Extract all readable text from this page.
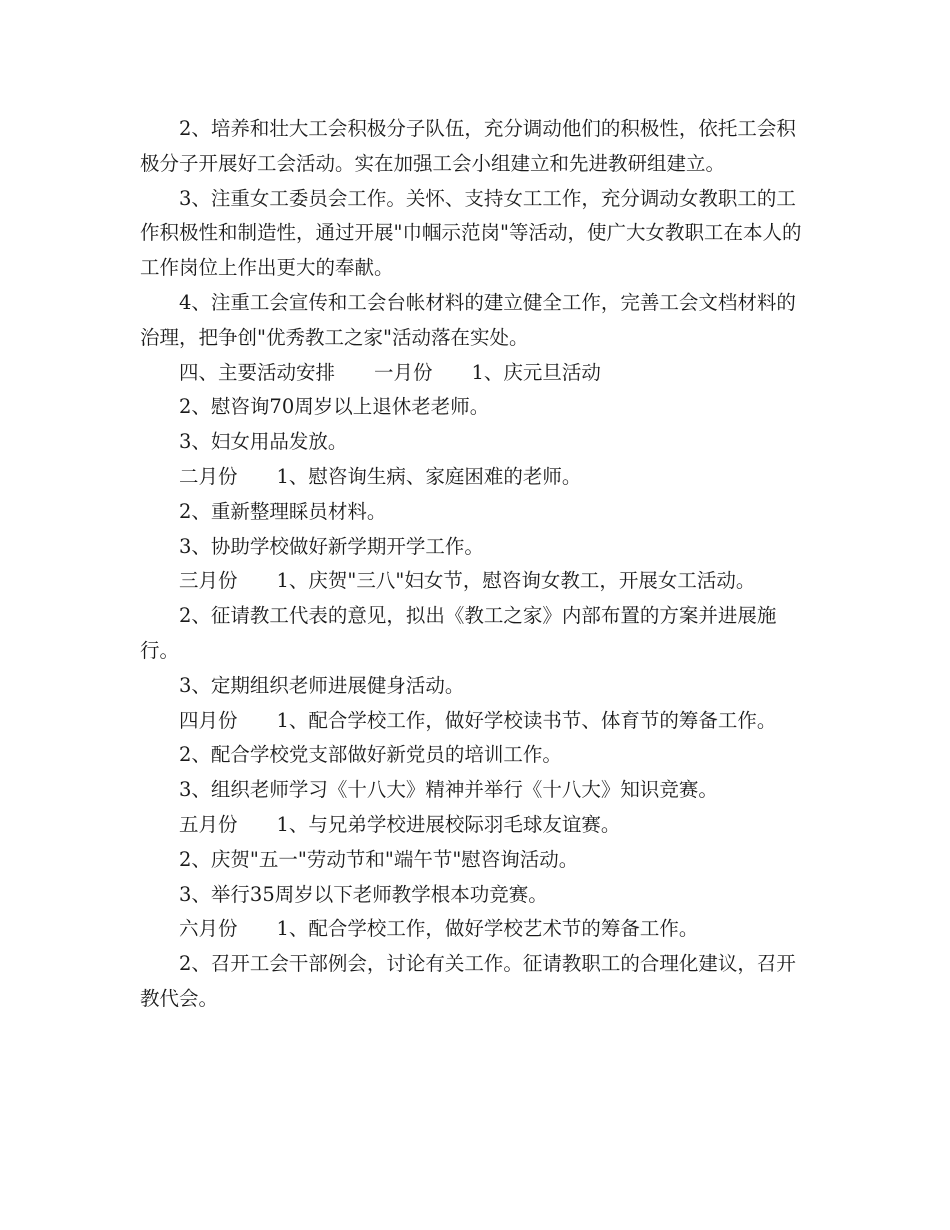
2、培养和壮大工会积极分子队伍，充分调动他们的积极性，依托工会积极分子开展好工会活动。实在加强工会小组建立和先进教研组建立。

3、注重女工委员会工作。关怀、支持女工工作，充分调动女教职工的工作积极性和制造性，通过开展"巾帼示范岗"等活动，使广大女教职工在本人的工作岗位上作出更大的奉献。

4、注重工会宣传和工会台帐材料的建立健全工作，完善工会文档材料的治理，把争创"优秀教工之家"活动落在实处。

四、主要活动安排　　一月份　　1、庆元旦活动

2、慰咨询70周岁以上退休老老师。

3、妇女用品发放。

二月份　　1、慰咨询生病、家庭困难的老师。

2、重新整理睬员材料。

3、协助学校做好新学期开学工作。

三月份　　1、庆贺"三八"妇女节，慰咨询女教工，开展女工活动。

2、征请教工代表的意见，拟出《教工之家》内部布置的方案并进展施行。

3、定期组织老师进展健身活动。

四月份　　1、配合学校工作，做好学校读书节、体育节的筹备工作。

2、配合学校党支部做好新党员的培训工作。

3、组织老师学习《十八大》精神并举行《十八大》知识竞赛。

五月份　　1、与兄弟学校进展校际羽毛球友谊赛。

2、庆贺"五一"劳动节和"端午节"慰咨询活动。

3、举行35周岁以下老师教学根本功竞赛。

六月份　　1、配合学校工作，做好学校艺术节的筹备工作。

2、召开工会干部例会，讨论有关工作。征请教职工的合理化建议，召开教代会。
